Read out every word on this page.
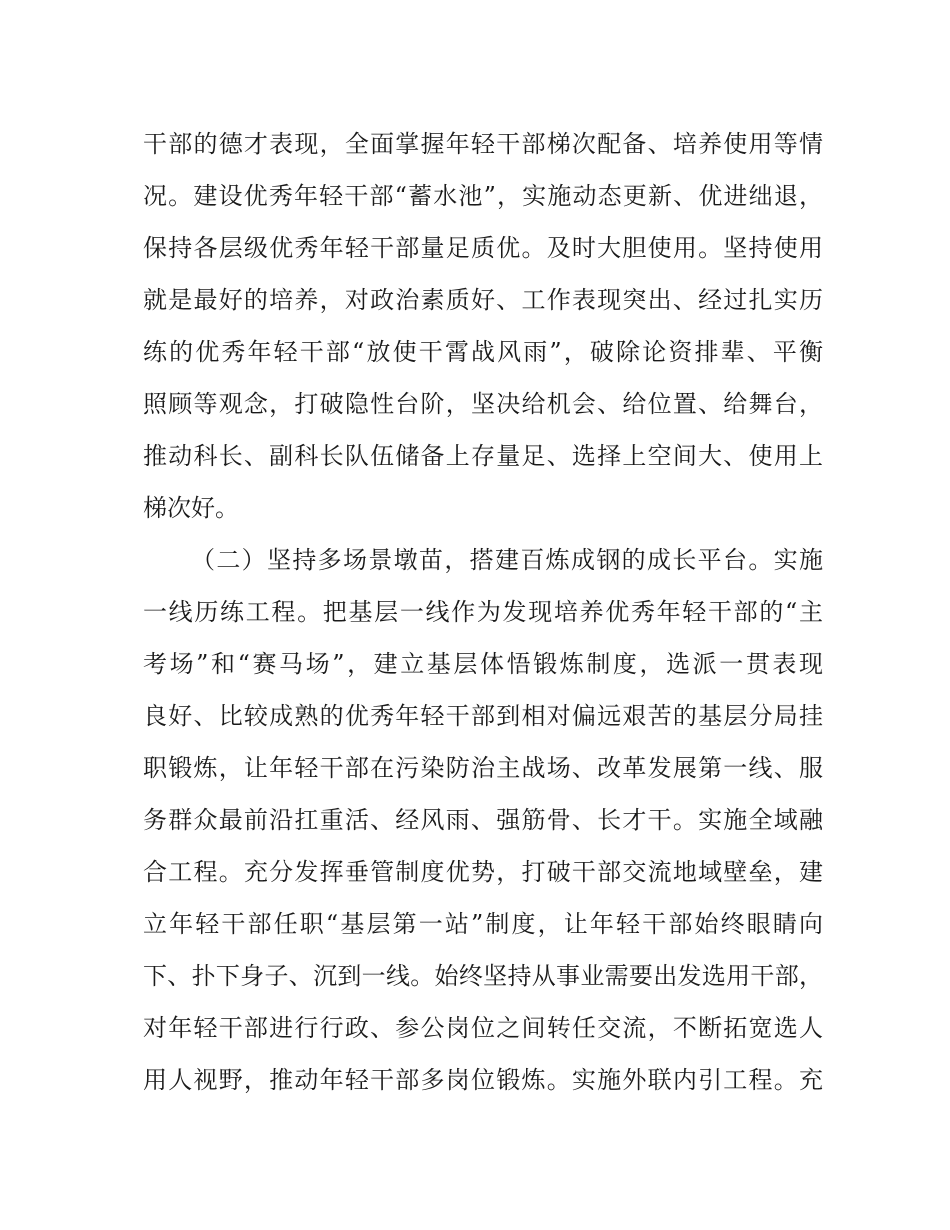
干部的德才表现，全面掌握年轻干部梯次配备、培养使用等情
况。建设优秀年轻干部“蓄水池”，实施动态更新、优进绌退，
保持各层级优秀年轻干部量足质优。及时大胆使用。坚持使用
就是最好的培养，对政治素质好、工作表现突出、经过扎实历
练的优秀年轻干部“放使干霄战风雨”，破除论资排辈、平衡
照顾等观念，打破隐性台阶，坚决给机会、给位置、给舞台，
推动科长、副科长队伍储备上存量足、选择上空间大、使用上
梯次好。
（二）坚持多场景墩苗，搭建百炼成钢的成长平台。实施
一线历练工程。把基层一线作为发现培养优秀年轻干部的“主
考场”和“赛马场”，建立基层体悟锻炼制度，选派一贯表现
良好、比较成熟的优秀年轻干部到相对偏远艰苦的基层分局挂
职锻炼，让年轻干部在污染防治主战场、改革发展第一线、服
务群众最前沿扛重活、经风雨、强筋骨、长才干。实施全域融
合工程。充分发挥垂管制度优势，打破干部交流地域壁垒，建
立年轻干部任职“基层第一站”制度，让年轻干部始终眼睛向
下、扑下身子、沉到一线。始终坚持从事业需要出发选用干部，
对年轻干部进行行政、参公岗位之间转任交流，不断拓宽选人
用人视野，推动年轻干部多岗位锻炼。实施外联内引工程。充
